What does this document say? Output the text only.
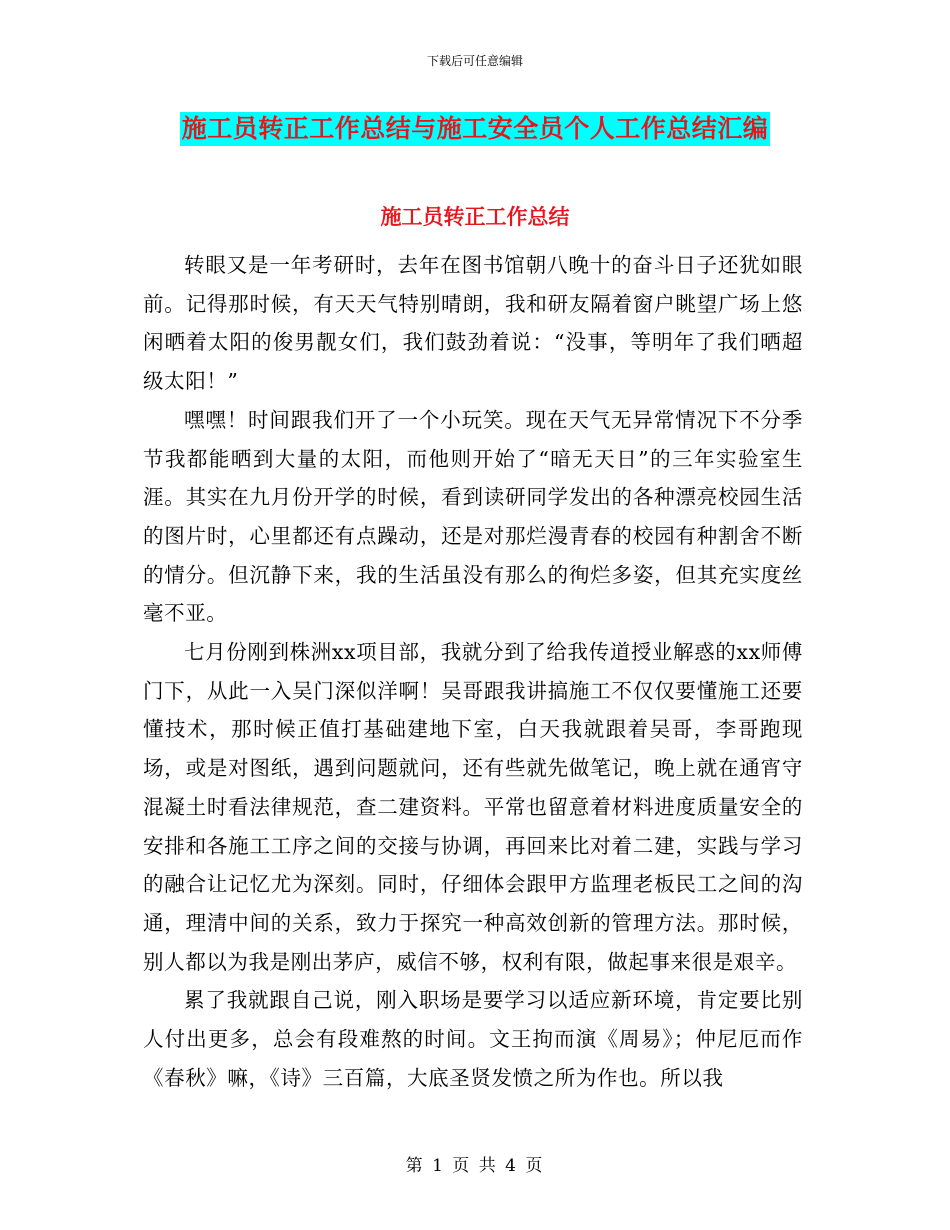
下载后可任意编辑
施工员转正工作总结与施工安全员个人工作总结汇编
施工员转正工作总结

转眼又是一年考研时，去年在图书馆朝八晚十的奋斗日子还犹如眼前。记得那时候，有天天气特别晴朗，我和研友隔着窗户眺望广场上悠闲晒着太阳的俊男靓女们，我们鼓劲着说：“没事，等明年了我们晒超级太阳！”

嘿嘿！时间跟我们开了一个小玩笑。现在天气无异常情况下不分季节我都能晒到大量的太阳，而他则开始了“暗无天日”的三年实验室生涯。其实在九月份开学的时候，看到读研同学发出的各种漂亮校园生活的图片时，心里都还有点躁动，还是对那烂漫青春的校园有种割舍不断的情分。但沉静下来，我的生活虽没有那么的徇烂多姿，但其充实度丝毫不亚。

七月份刚到株洲xx项目部，我就分到了给我传道授业解惑的xx师傅门下，从此一入吴门深似洋啊！吴哥跟我讲搞施工不仅仅要懂施工还要懂技术，那时候正值打基础建地下室，白天我就跟着吴哥，李哥跑现场，或是对图纸，遇到问题就问，还有些就先做笔记，晚上就在通宵守混凝土时看法律规范，查二建资料。平常也留意着材料进度质量安全的安排和各施工工序之间的交接与协调，再回来比对着二建，实践与学习的融合让记忆尤为深刻。同时，仔细体会跟甲方监理老板民工之间的沟通，理清中间的关系，致力于探究一种高效创新的管理方法。那时候，别人都以为我是刚出茅庐，威信不够，权利有限，做起事来很是艰辛。

累了我就跟自己说，刚入职场是要学习以适应新环境，肯定要比别人付出更多，总会有段难熬的时间。文王拘而演《周易》；仲尼厄而作《春秋》嘛，《诗》三百篇，大底圣贤发愤之所为作也。所以我

第 1 页 共 4 页
